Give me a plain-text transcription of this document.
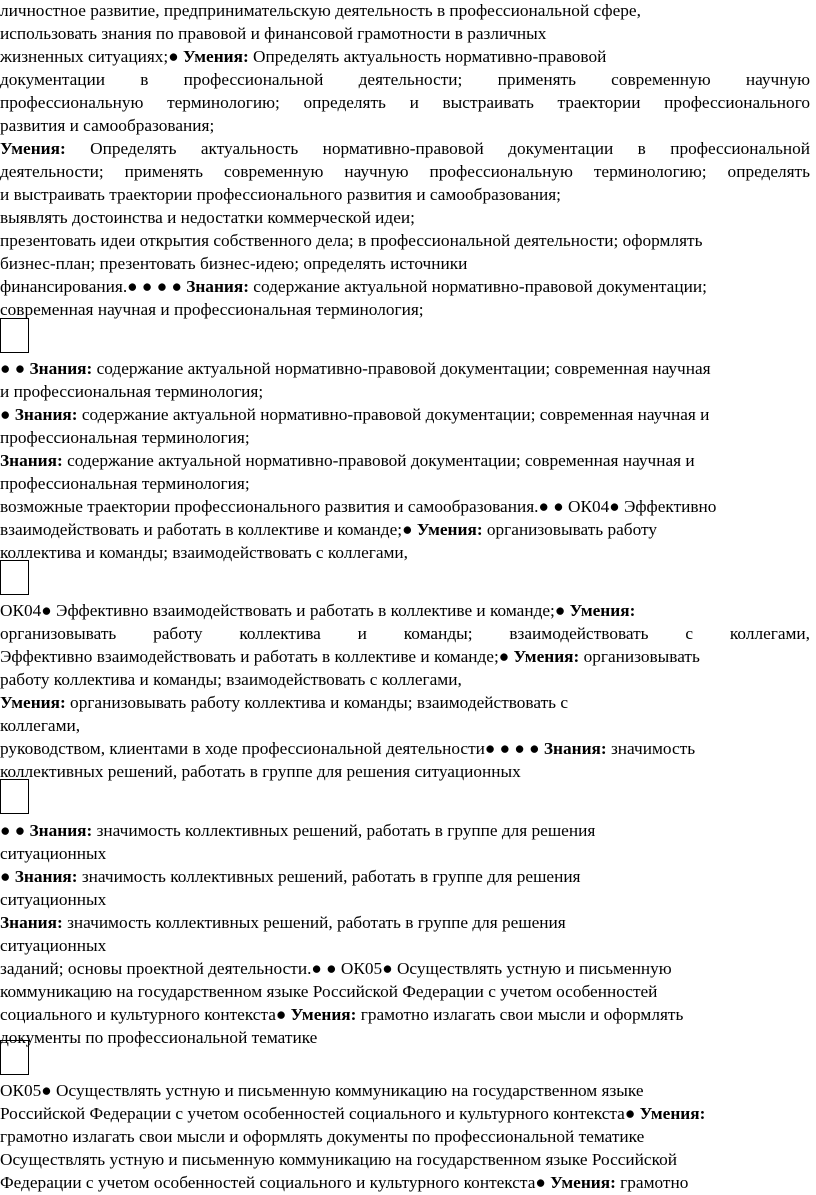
личностное развитие, предпринимательскую деятельность в профессиональной сфере,
использовать знания по правовой и финансовой грамотности в различных
жизненных ситуациях;● Умения: Определять актуальность нормативно-правовой
документации в профессиональной деятельности; применять современную научную
профессиональную терминологию; определять и выстраивать траектории профессионального
развития и самообразования;
Умения: Определять актуальность нормативно-правовой документации в профессиональной
деятельности; применять современную научную профессиональную терминологию; определять
и выстраивать траектории профессионального развития и самообразования;
выявлять достоинства и недостатки коммерческой идеи;
презентовать идеи открытия собственного дела; в профессиональной деятельности; оформлять
бизнес-план; презентовать бизнес-идею; определять источники
финансирования.● ● ● ● Знания: содержание актуальной нормативно-правовой документации;
современная научная и профессиональная терминология;
● ● Знания: содержание актуальной нормативно-правовой документации; современная научная
и профессиональная терминология;
● Знания: содержание актуальной нормативно-правовой документации; современная научная и
профессиональная терминология;
Знания: содержание актуальной нормативно-правовой документации; современная научная и
профессиональная терминология;
возможные траектории профессионального развития и самообразования.● ● ОК04● Эффективно
взаимодействовать и работать в коллективе и команде;● Умения: организовывать работу
коллектива и команды; взаимодействовать с коллегами,
ОК04● Эффективно взаимодействовать и работать в коллективе и команде;● Умения:
организовывать работу коллектива и команды; взаимодействовать с коллегами,
Эффективно взаимодействовать и работать в коллективе и команде;● Умения: организовывать
работу коллектива и команды; взаимодействовать с коллегами,
Умения: организовывать работу коллектива и команды; взаимодействовать с
коллегами,
руководством, клиентами в ходе профессиональной деятельности● ● ● ● Знания: значимость
коллективных решений, работать в группе для решения ситуационных
● ● Знания: значимость коллективных решений, работать в группе для решения
ситуационных
● Знания: значимость коллективных решений, работать в группе для решения
ситуационных
Знания: значимость коллективных решений, работать в группе для решения
ситуационных
заданий; основы проектной деятельности.● ● ОК05● Осуществлять устную и письменную
коммуникацию на государственном языке Российской Федерации с учетом особенностей
социального и культурного контекста● Умения: грамотно излагать свои мысли и оформлять
документы по профессиональной тематике
ОК05● Осуществлять устную и письменную коммуникацию на государственном языке
Российской Федерации с учетом особенностей социального и культурного контекста● Умения:
грамотно излагать свои мысли и оформлять документы по профессиональной тематике
Осуществлять устную и письменную коммуникацию на государственном языке Российской
Федерации с учетом особенностей социального и культурного контекста● Умения: грамотно
